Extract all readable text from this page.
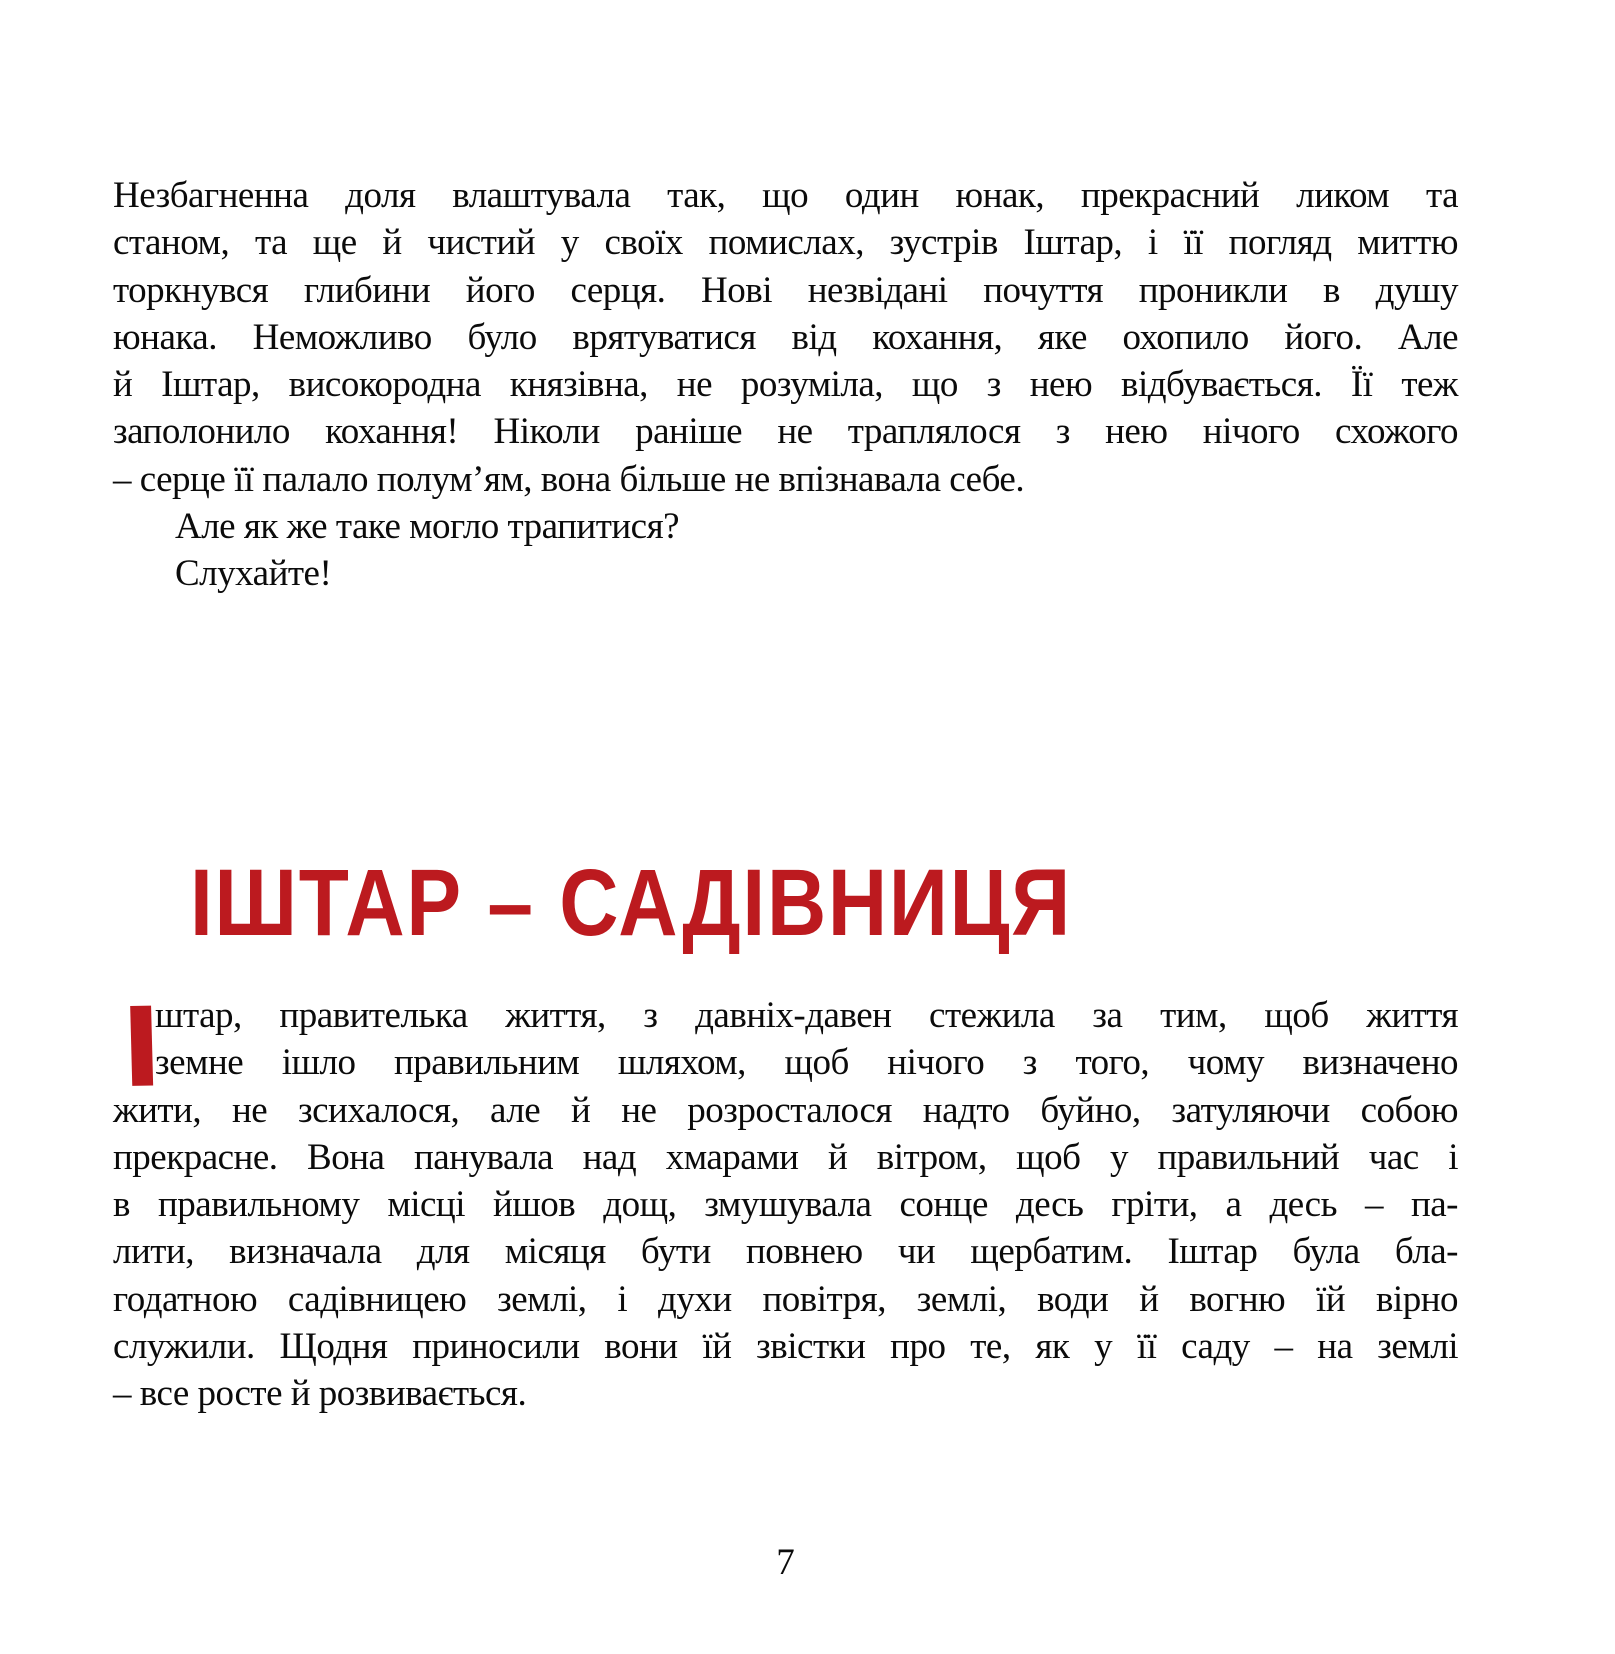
Незбагненна доля влаштувала так, що один юнак, прекрасний ликом та
станом, та ще й чистий у своїх помислах, зустрів Іштар, і її погляд миттю
торкнувся глибини його серця. Нові незвідані почуття проникли в душу
юнака. Неможливо було врятуватися від кохання, яке охопило його. Але
й Іштар, високородна князівна, не розуміла, що з нею відбувається. Її теж
заполонило кохання! Ніколи раніше не траплялося з нею нічого схожого
– серце її палало полум’ям, вона більше не впізнавала себе.
Але як же таке могло трапитися?
Слухайте!
ІШТАР – САДІВНИЦЯ
І
штар, правителька життя, з давніх-давен стежила за тим, щоб життя
земне ішло правильним шляхом, щоб нічого з того, чому визначено
жити, не зсихалося, але й не розросталося надто буйно, затуляючи собою
прекрасне. Вона панувала над хмарами й вітром, щоб у правильний час і
в правильному місці йшов дощ, змушувала сонце десь гріти, а десь – па-
лити, визначала для місяця бути повнею чи щербатим. Іштар була бла-
годатною садівницею землі, і духи повітря, землі, води й вогню їй вірно
служили. Щодня приносили вони їй звістки про те, як у її саду – на землі
– все росте й розвивається.
7
